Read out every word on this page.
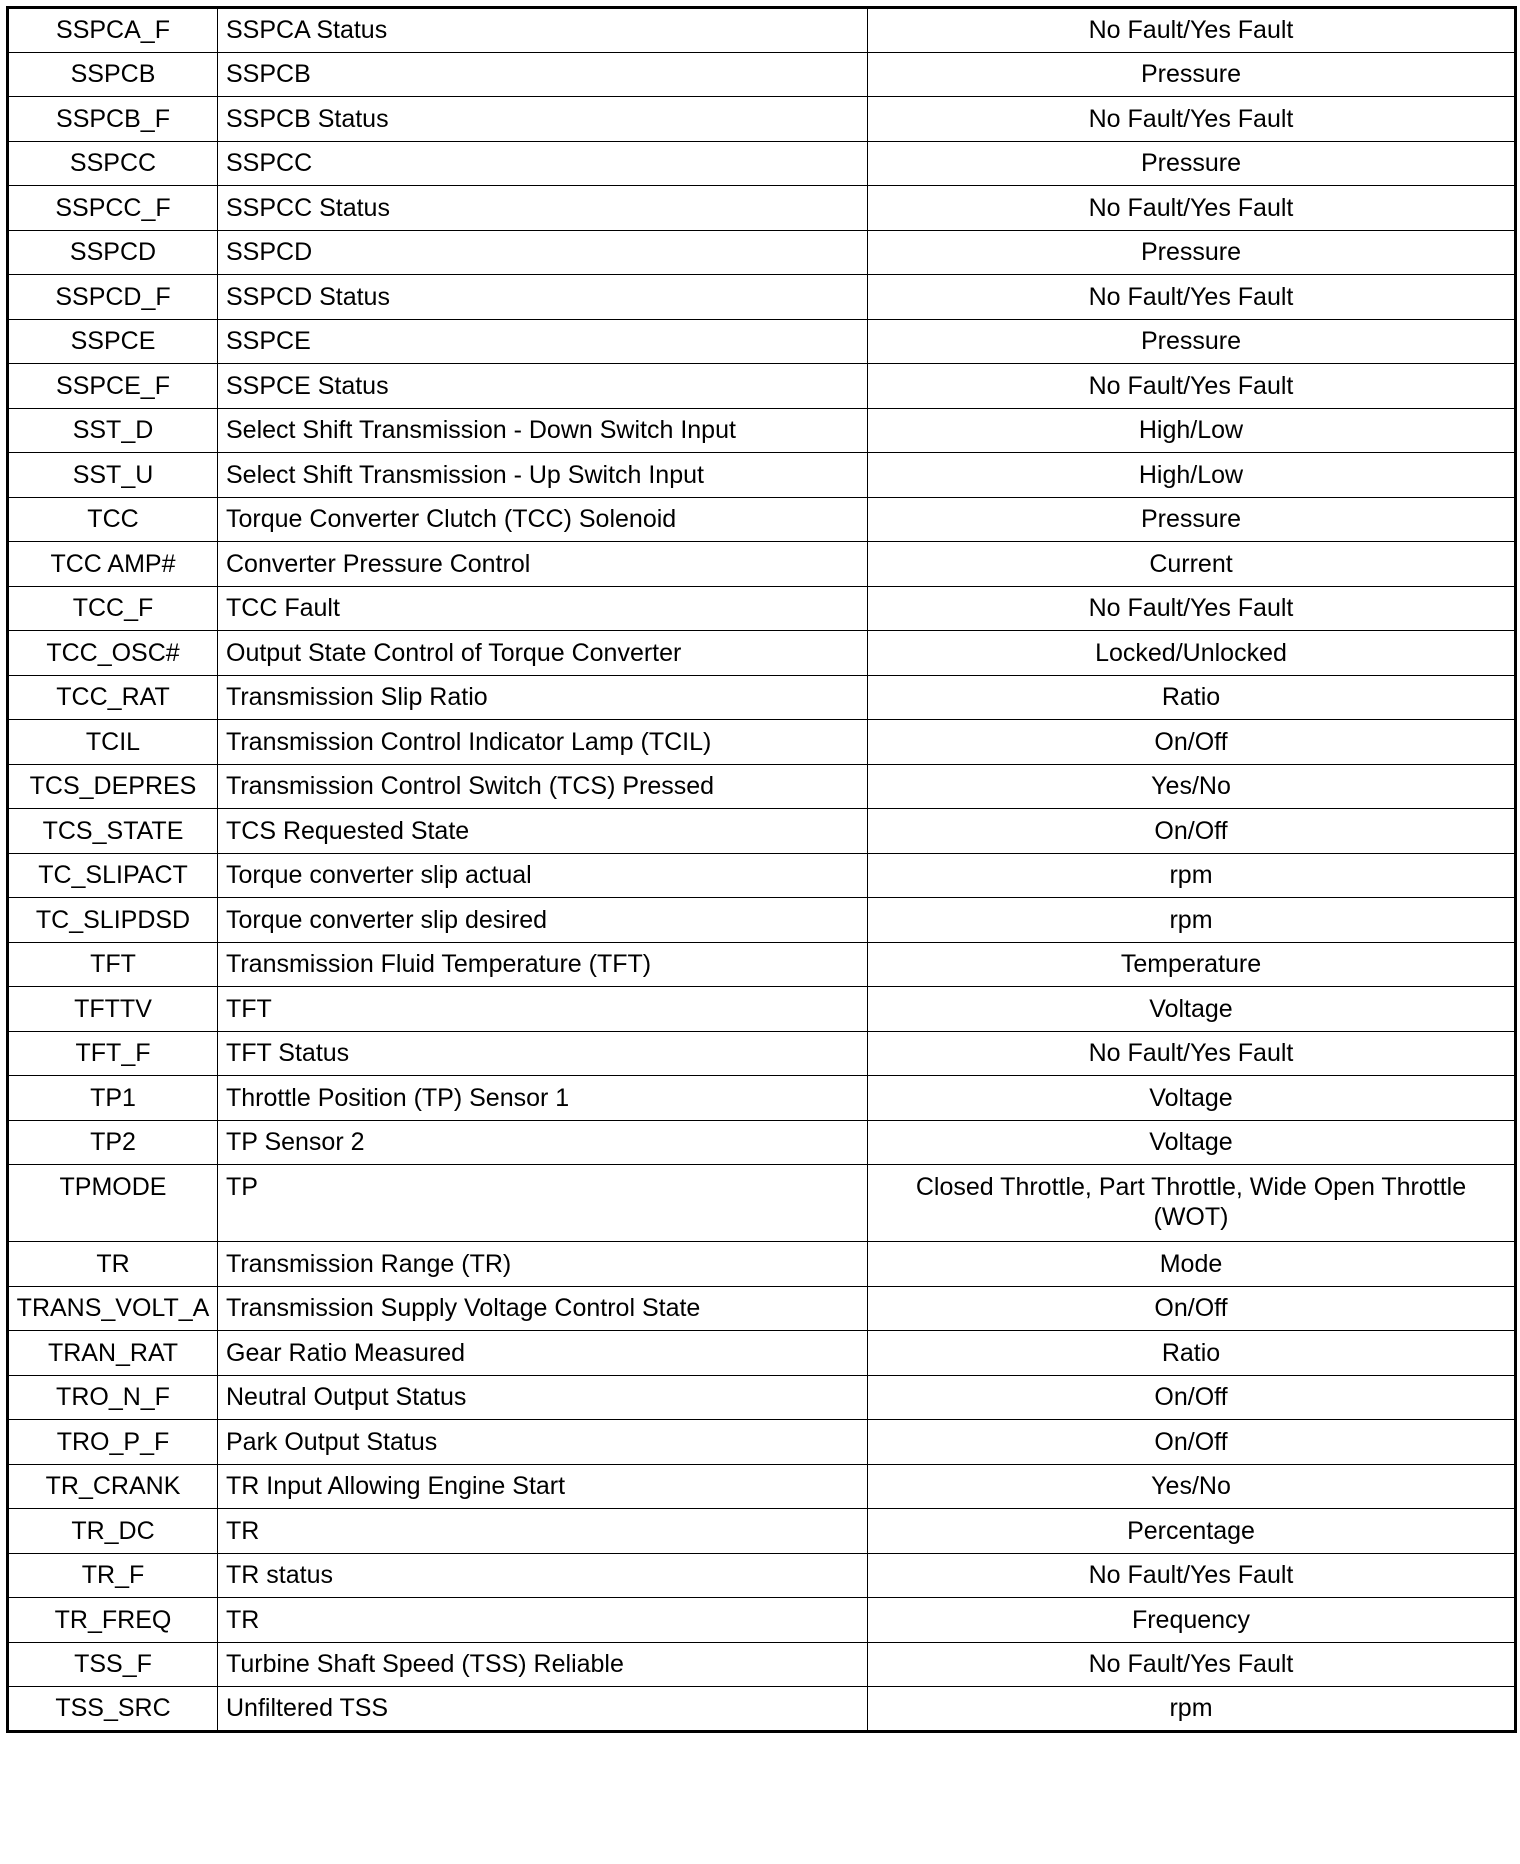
SSPCA_F	SSPCA Status	No Fault/Yes Fault
SSPCB	SSPCB	Pressure
SSPCB_F	SSPCB Status	No Fault/Yes Fault
SSPCC	SSPCC	Pressure
SSPCC_F	SSPCC Status	No Fault/Yes Fault
SSPCD	SSPCD	Pressure
SSPCD_F	SSPCD Status	No Fault/Yes Fault
SSPCE	SSPCE	Pressure
SSPCE_F	SSPCE Status	No Fault/Yes Fault
SST_D	Select Shift Transmission - Down Switch Input	High/Low
SST_U	Select Shift Transmission - Up Switch Input	High/Low
TCC	Torque Converter Clutch (TCC) Solenoid	Pressure
TCC AMP#	Converter Pressure Control	Current
TCC_F	TCC Fault	No Fault/Yes Fault
TCC_OSC#	Output State Control of Torque Converter	Locked/Unlocked
TCC_RAT	Transmission Slip Ratio	Ratio
TCIL	Transmission Control Indicator Lamp (TCIL)	On/Off
TCS_DEPRES	Transmission Control Switch (TCS) Pressed	Yes/No
TCS_STATE	TCS Requested State	On/Off
TC_SLIPACT	Torque converter slip actual	rpm
TC_SLIPDSD	Torque converter slip desired	rpm
TFT	Transmission Fluid Temperature (TFT)	Temperature
TFTTV	TFT	Voltage
TFT_F	TFT Status	No Fault/Yes Fault
TP1	Throttle Position (TP) Sensor 1	Voltage
TP2	TP Sensor 2	Voltage
TPMODE	TP	Closed Throttle, Part Throttle, Wide Open Throttle (WOT)
TR	Transmission Range (TR)	Mode
TRANS_VOLT_A	Transmission Supply Voltage Control State	On/Off
TRAN_RAT	Gear Ratio Measured	Ratio
TRO_N_F	Neutral Output Status	On/Off
TRO_P_F	Park Output Status	On/Off
TR_CRANK	TR Input Allowing Engine Start	Yes/No
TR_DC	TR	Percentage
TR_F	TR status	No Fault/Yes Fault
TR_FREQ	TR	Frequency
TSS_F	Turbine Shaft Speed (TSS) Reliable	No Fault/Yes Fault
TSS_SRC	Unfiltered TSS	rpm
